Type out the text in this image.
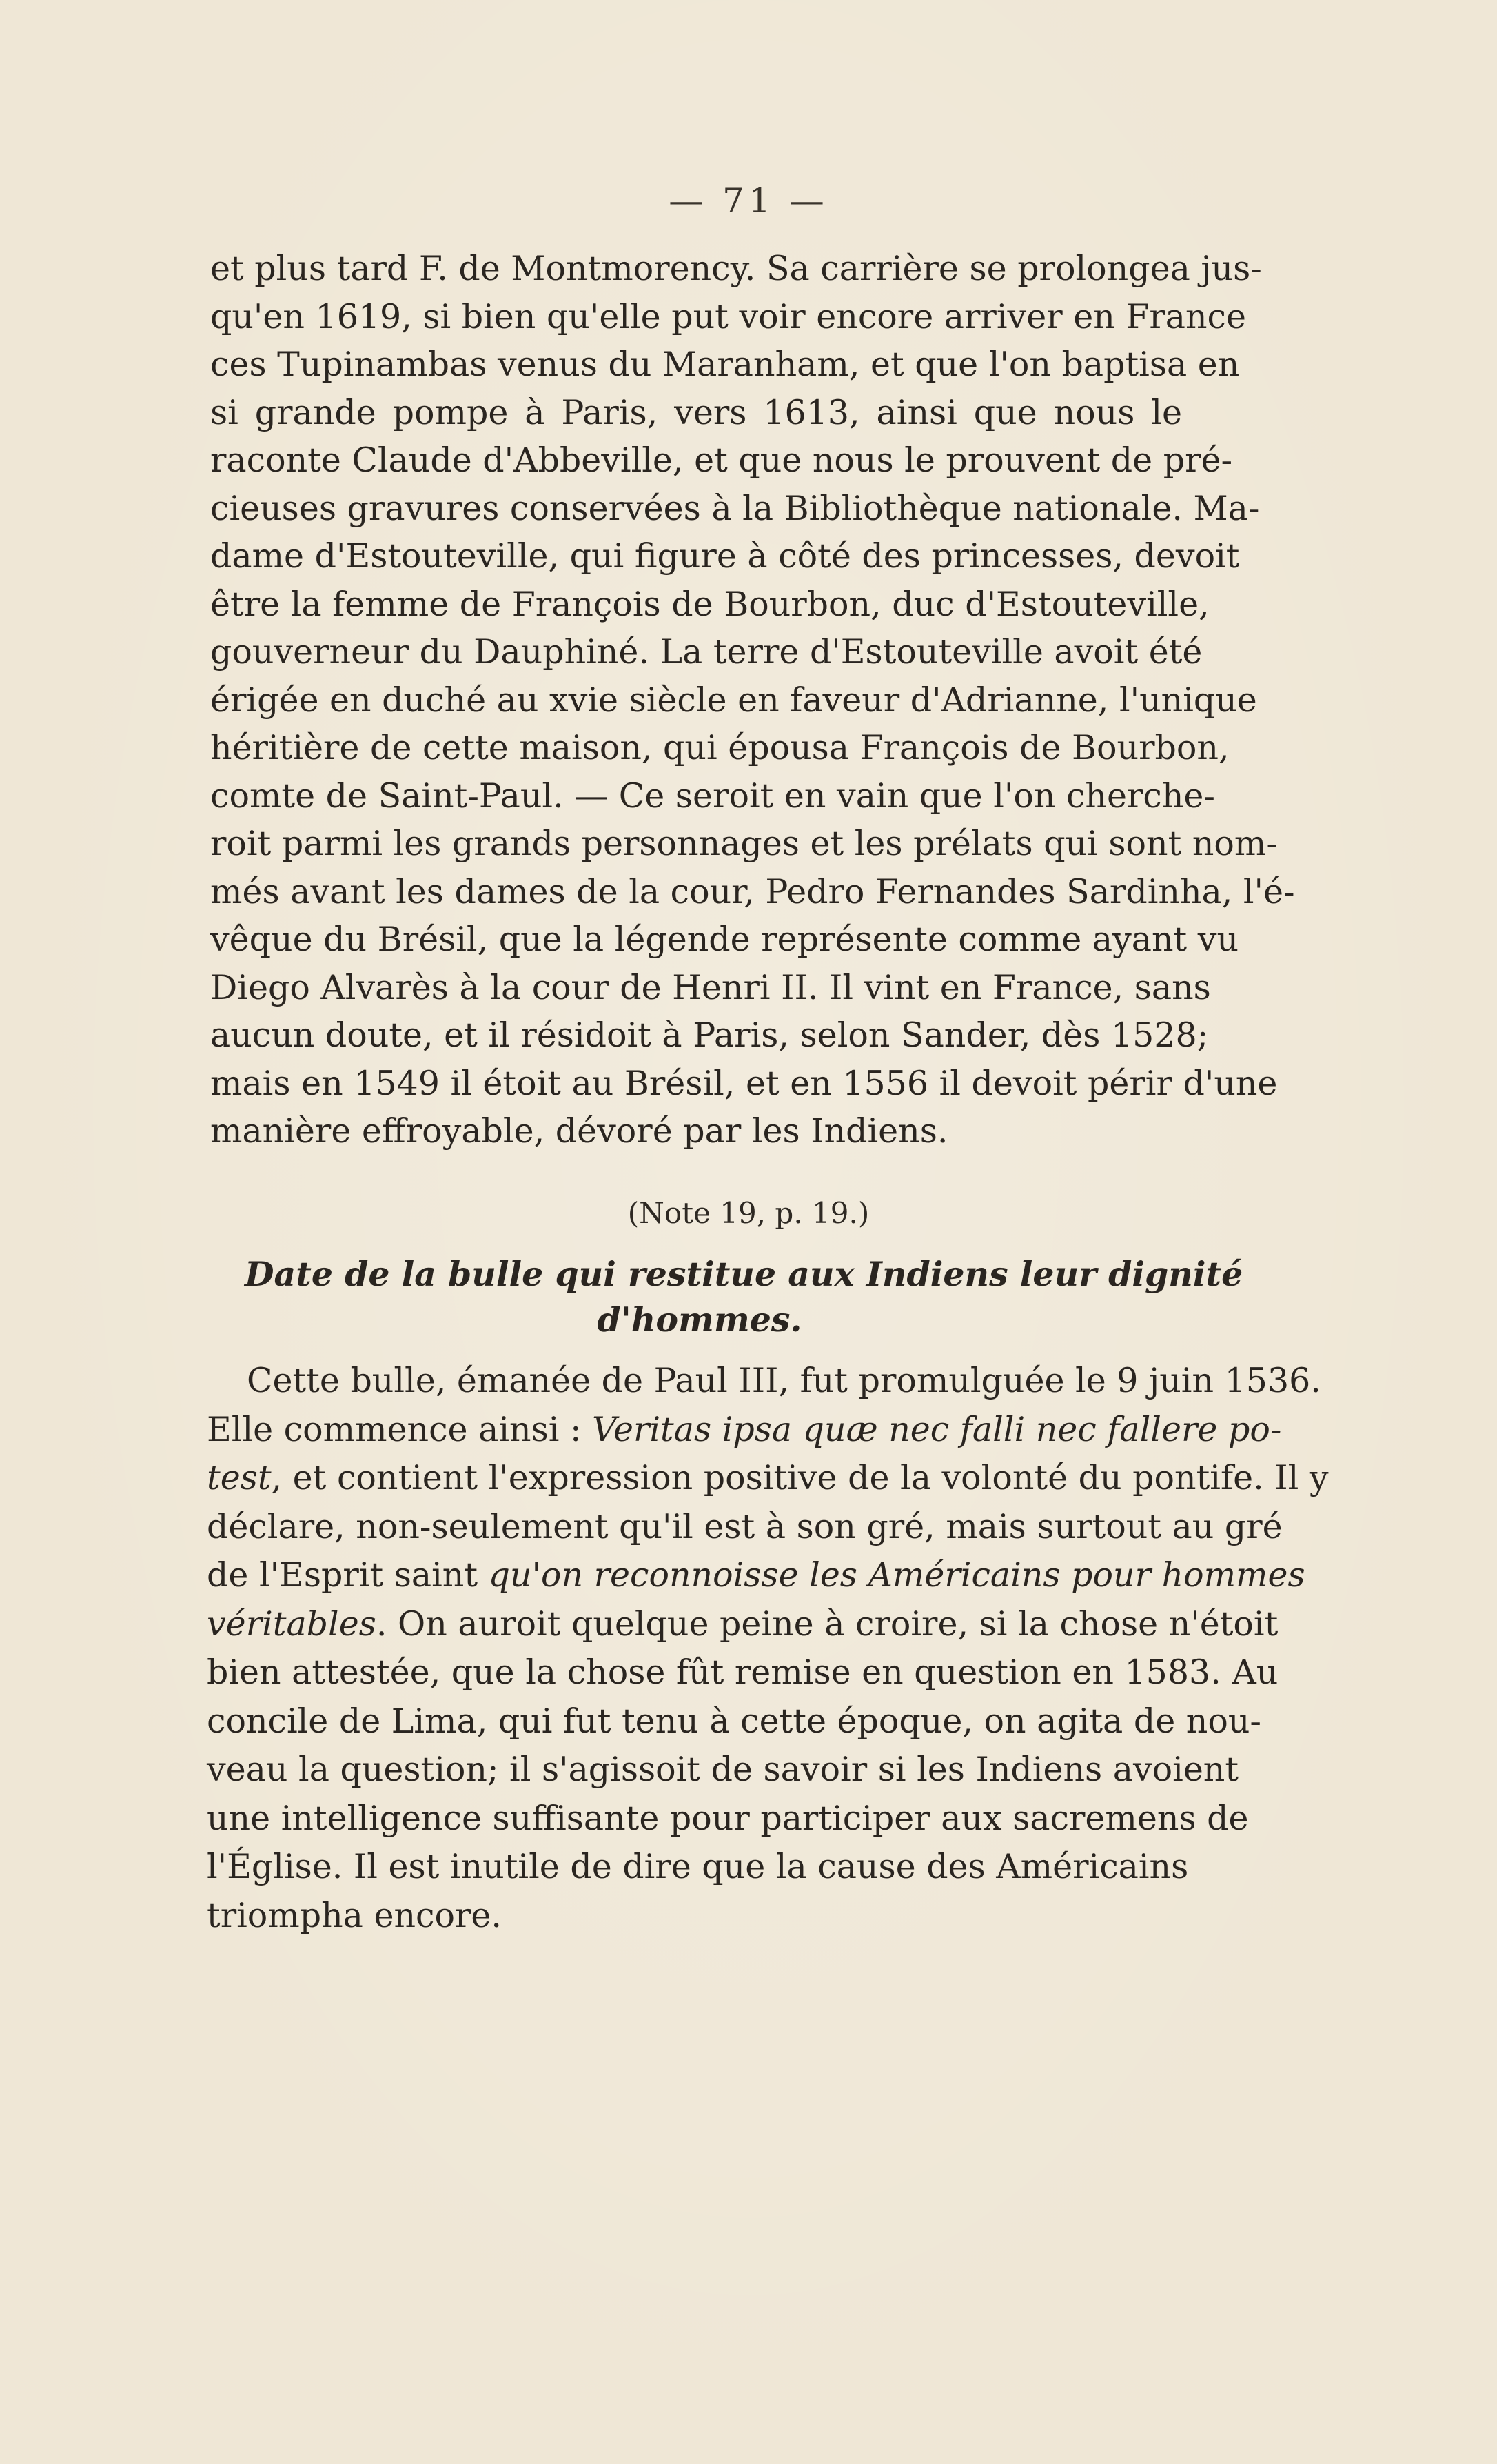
— 71 —
et plus tard F. de Montmorency. Sa carrière se prolongea jus-
qu'en 1619, si bien qu'elle put voir encore arriver en France
ces Tupinambas venus du Maranham, et que l'on baptisa en
si grande pompe à Paris, vers 1613, ainsi que nous le
raconte Claude d'Abbeville, et que nous le prouvent de pré-
cieuses gravures conservées à la Bibliothèque nationale. Ma-
dame d'Estouteville, qui figure à côté des princesses, devoit
être la femme de François de Bourbon, duc d'Estouteville,
gouverneur du Dauphiné. La terre d'Estouteville avoit été
érigée en duché au xvie siècle en faveur d'Adrianne, l'unique
héritière de cette maison, qui épousa François de Bourbon,
comte de Saint-Paul. — Ce seroit en vain que l'on cherche-
roit parmi les grands personnages et les prélats qui sont nom-
més avant les dames de la cour, Pedro Fernandes Sardinha, l'é-
vêque du Brésil, que la légende représente comme ayant vu
Diego Alvarès à la cour de Henri II. Il vint en France, sans
aucun doute, et il résidoit à Paris, selon Sander, dès 1528;
mais en 1549 il étoit au Brésil, et en 1556 il devoit périr d'une
manière effroyable, dévoré par les Indiens.
(Note 19, p. 19.)
Date de la bulle qui restitue aux Indiens leur dignité
d'hommes.
Cette bulle, émanée de Paul III, fut promulguée le 9 juin 1536.
Elle commence ainsi : Veritas ipsa quæ nec falli nec fallere po-
test, et contient l'expression positive de la volonté du pontife. Il y
déclare, non-seulement qu'il est à son gré, mais surtout au gré
de l'Esprit saint qu'on reconnoisse les Américains pour hommes
véritables. On auroit quelque peine à croire, si la chose n'étoit
bien attestée, que la chose fût remise en question en 1583. Au
concile de Lima, qui fut tenu à cette époque, on agita de nou-
veau la question; il s'agissoit de savoir si les Indiens avoient
une intelligence suffisante pour participer aux sacremens de
l'Église. Il est inutile de dire que la cause des Américains
triompha encore.
